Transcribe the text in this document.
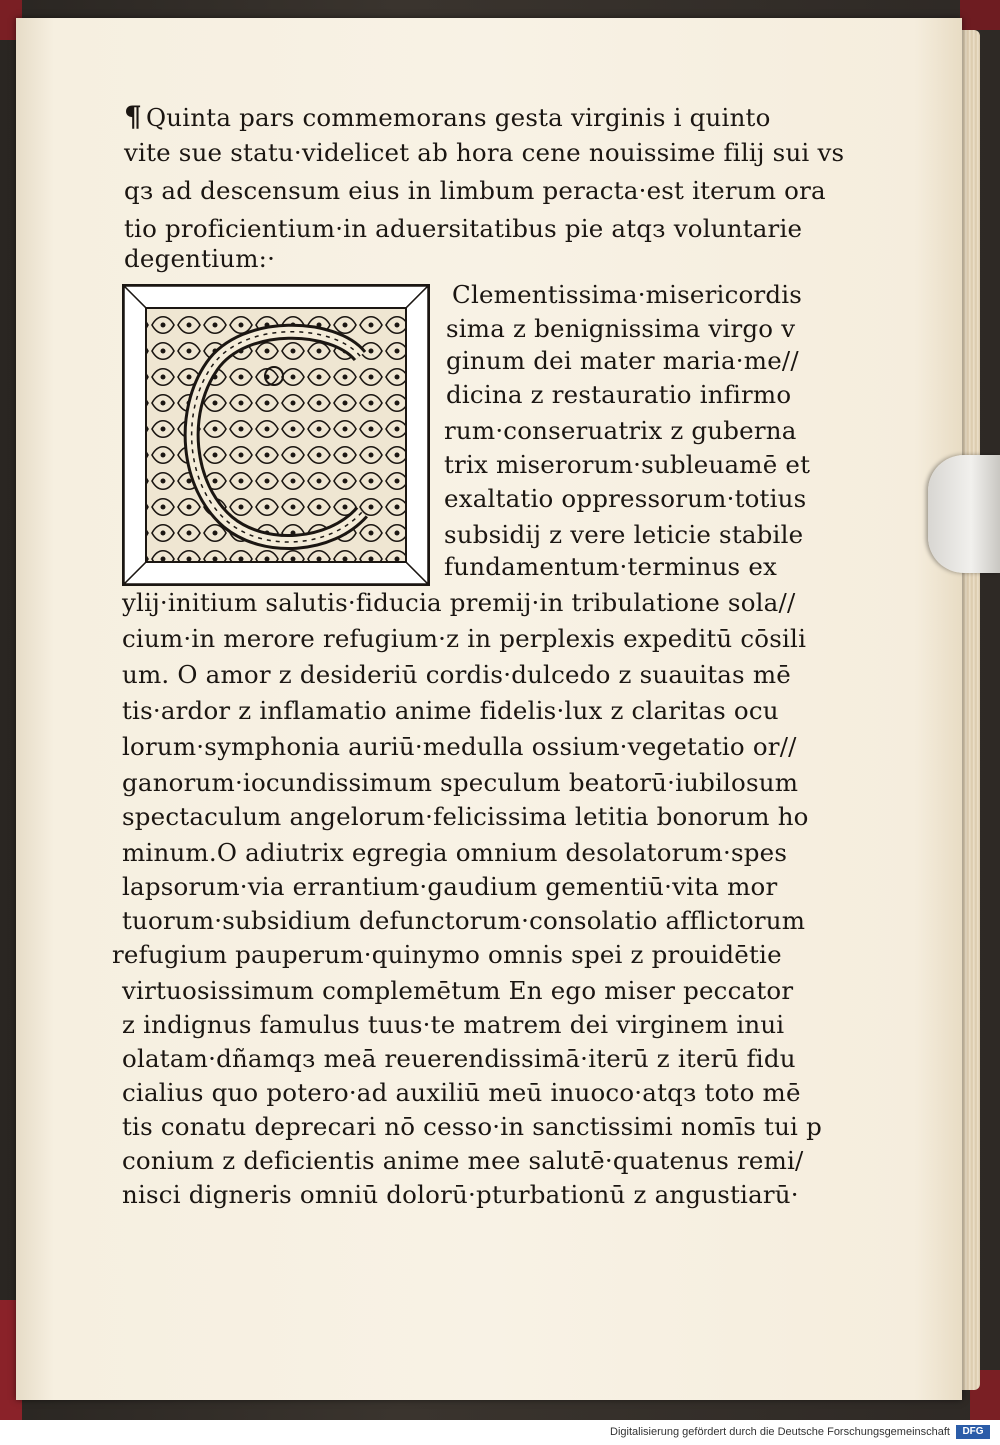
¶ Quinta pars commemorans gesta virginis i quinto
vite sue statu·videlicet ab hora cene nouissime filij sui vs
qз ad descensum eius in limbum peracta·est iterum ora
tio proficientium·in aduersitatibus pie atqз voluntarie
degentium:·
Clementissima·misericordis
sima z benignissima virgo v
ginum dei mater maria·me//
dicina z restauratio infirmo
rum·conseruatrix z guberna
trix miserorum·subleuamē et
exaltatio oppressorum·totius
subsidij z vere leticie stabile
fundamentum·terminus ex
ylij·initium salutis·fiducia premij·in tribulatione sola//
cium·in merore refugium·z in perplexis expeditū cōsili
um. O amor z desideriū cordis·dulcedo z suauitas mē
tis·ardor z inflamatio anime fidelis·lux z claritas ocu
lorum·symphonia auriū·medulla ossium·vegetatio or//
ganorum·iocundissimum speculum beatorū·iubilosum
spectaculum angelorum·felicissima letitia bonorum ho
minum.O adiutrix egregia omnium desolatorum·spes
lapsorum·via errantium·gaudium gementiū·vita mor
tuorum·subsidium defunctorum·consolatio afflictorum
refugium pauperum·quinymo omnis spei z prouidētie
virtuosissimum complemētum En ego miser peccator
z indignus famulus tuus·te matrem dei virginem inui
olatam·dñamqз meā reuerendissimā·iterū z iterū fidu
cialius quo potero·ad auxiliū meū inuoco·atqз toto mē
tis conatu deprecari nō cesso·in sanctissimi nomīs tui p
conium z deficientis anime mee salutē·quatenus remi/
nisci digneris omniū dolorū·pturbationū z angustiarū·
Digitalisierung gefördert durch die Deutsche Forschungsgemeinschaft	DFG
